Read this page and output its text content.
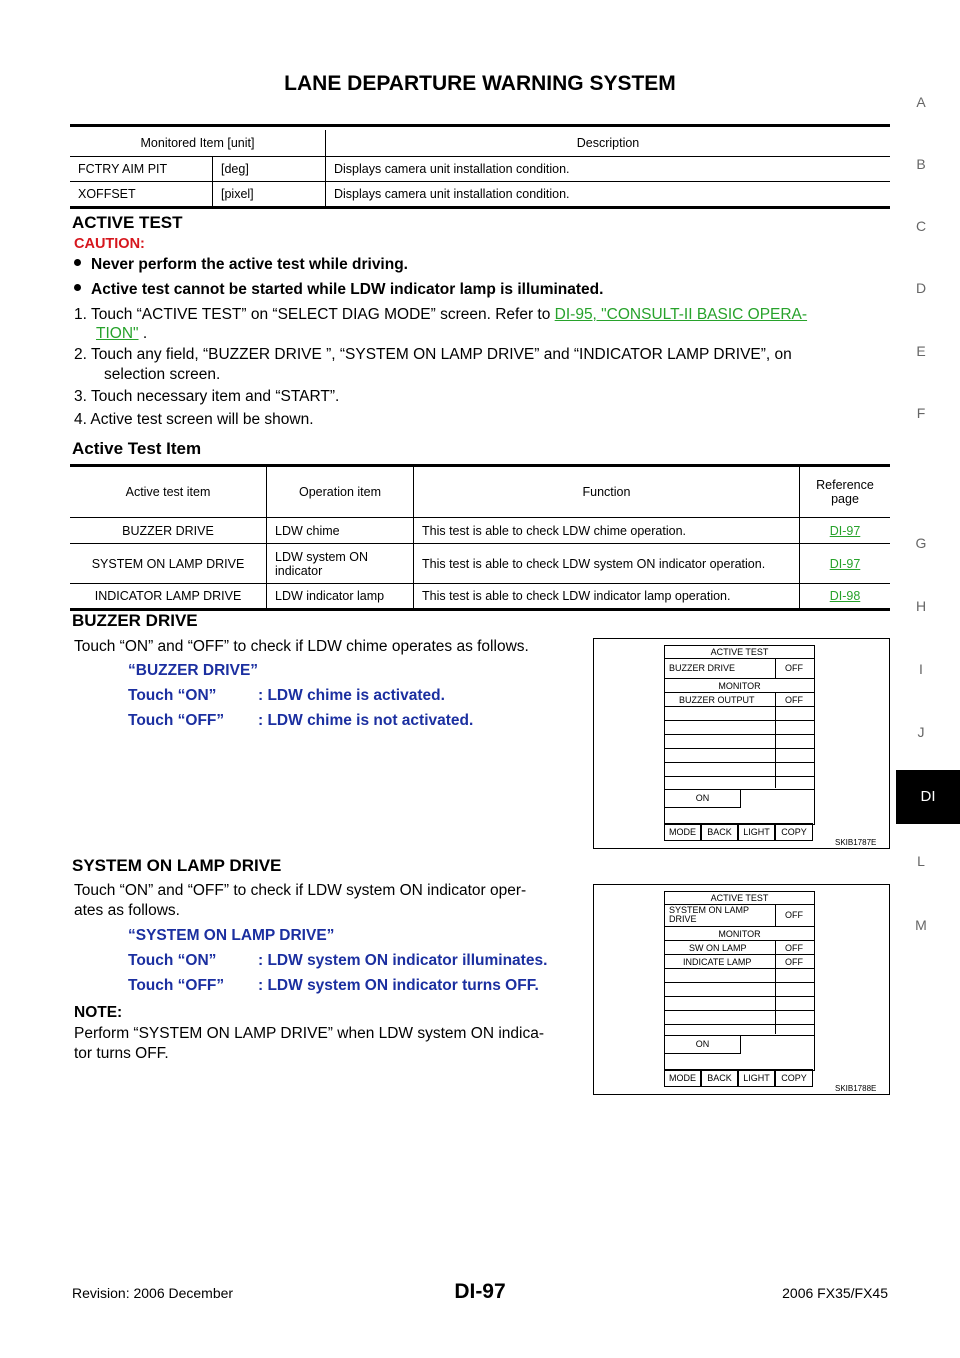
LANE DEPARTURE WARNING SYSTEM
Monitored Item [unit]		Description
FCTRY AIM PIT	[deg]	Displays camera unit installation condition.
XOFFSET	[pixel]	Displays camera unit installation condition.
ACTIVE TEST
CAUTION:
Never perform the active test while driving.
Active test cannot be started while LDW indicator lamp is illuminated.
1. Touch “ACTIVE TEST” on “SELECT DIAG MODE” screen. Refer to DI-95, "CONSULT-II BASIC OPERA-
TION" .
2. Touch any field, “BUZZER DRIVE ”, “SYSTEM ON LAMP DRIVE” and “INDICATOR LAMP DRIVE”, on
selection screen.
3. Touch necessary item and “START”.
4. Active test screen will be shown.
Active Test Item
Active test item	Operation item	Function	Reference page
BUZZER DRIVE	LDW chime	This test is able to check LDW chime operation.	DI-97
SYSTEM ON LAMP DRIVE	LDW system ON indicator	This test is able to check LDW system ON indicator operation.	DI-97
INDICATOR LAMP DRIVE	LDW indicator lamp	This test is able to check LDW indicator lamp operation.	DI-98
BUZZER DRIVE
Touch “ON” and “OFF” to check if LDW chime operates as follows.
“BUZZER DRIVE”
Touch “ON”	: LDW chime is activated.
Touch “OFF” : LDW chime is not activated.
ACTIVE TEST
BUZZER DRIVE	OFF
MONITOR
BUZZER OUTPUT	OFF
ON
MODE	BACK	LIGHT	COPY
SKIB1787E
SYSTEM ON LAMP DRIVE
Touch “ON” and “OFF” to check if LDW system ON indicator oper-
ates as follows.
“SYSTEM ON LAMP DRIVE”
Touch “ON”	: LDW system ON indicator illuminates.
Touch “OFF” : LDW system ON indicator turns OFF.
NOTE:
Perform “SYSTEM ON LAMP DRIVE” when LDW system ON indica-
tor turns OFF.
ACTIVE TEST
SYSTEM ON LAMP
DRIVE	OFF
MONITOR
SW ON LAMP	OFF
INDICATE LAMP	OFF
ON
MODE	BACK	LIGHT	COPY
SKIB1788E
A
B
C
D
E
F
G
H
I
J
DI
L
M
Revision: 2006 December	DI-97	2006 FX35/FX45
